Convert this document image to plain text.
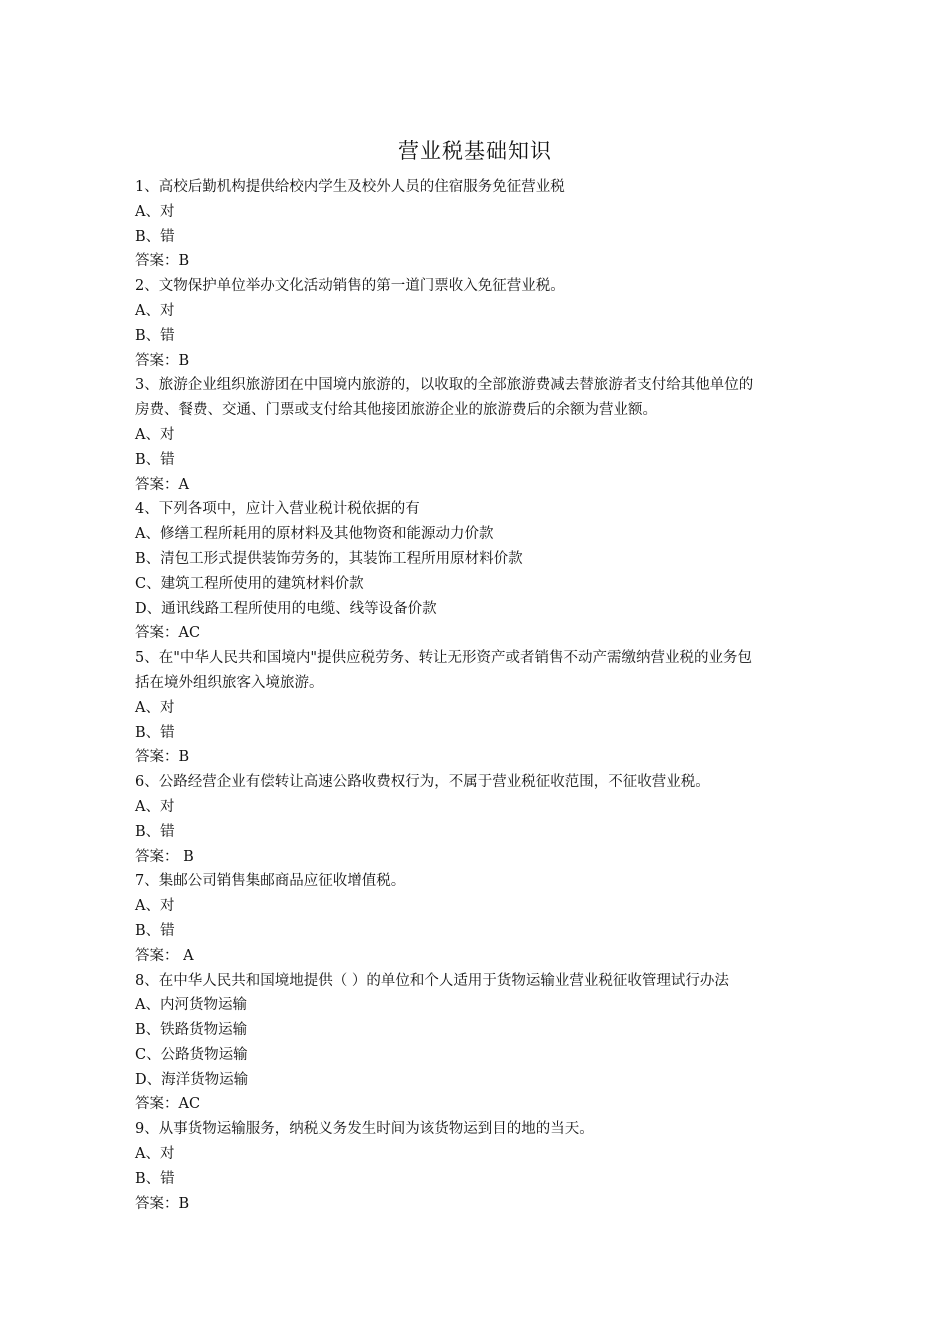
营业税基础知识
1、高校后勤机构提供给校内学生及校外人员的住宿服务免征营业税
A、对
B、错
答案：B
2、文物保护单位举办文化活动销售的第一道门票收入免征营业税。
A、对
B、错
答案：B
3、旅游企业组织旅游团在中国境内旅游的，以收取的全部旅游费减去替旅游者支付给其他单位的
房费、餐费、交通、门票或支付给其他接团旅游企业的旅游费后的余额为营业额。
A、对
B、错
答案：A
4、下列各项中，应计入营业税计税依据的有
A、修缮工程所耗用的原材料及其他物资和能源动力价款
B、清包工形式提供装饰劳务的，其装饰工程所用原材料价款
C、建筑工程所使用的建筑材料价款
D、通讯线路工程所使用的电缆、线等设备价款
答案：AC
5、在"中华人民共和国境内"提供应税劳务、转让无形资产或者销售不动产需缴纳营业税的业务包
括在境外组织旅客入境旅游。
A、对
B、错
答案：B
6、公路经营企业有偿转让高速公路收费权行为，不属于营业税征收范围，不征收营业税。
A、对
B、错
答案： B
7、集邮公司销售集邮商品应征收增值税。
A、对
B、错
答案： A
8、在中华人民共和国境地提供（ ）的单位和个人适用于货物运输业营业税征收管理试行办法
A、内河货物运输
B、铁路货物运输
C、公路货物运输
D、海洋货物运输
答案：AC
9、从事货物运输服务，纳税义务发生时间为该货物运到目的地的当天。
A、对
B、错
答案：B
